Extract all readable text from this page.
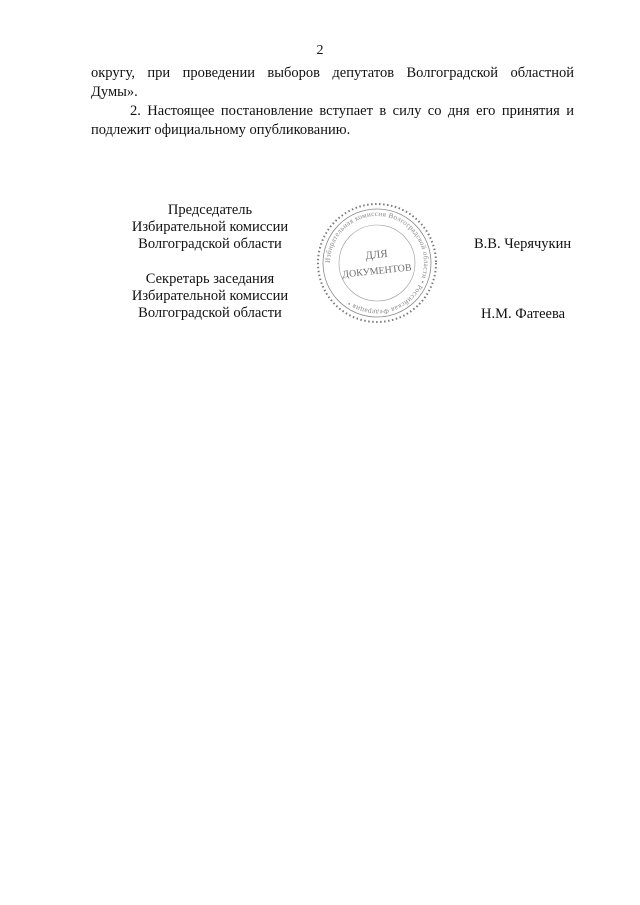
2

округу, при проведении выборов депутатов Волгоградской областной

Думы».

2. Настоящее постановление вступает в силу со дня его принятия и подлежит официальному опубликованию.

Председатель
Избирательной комиссии
Волгоградской области	В.В. Черячукин
Секретарь заседания
Избирательной комиссии
Волгоградской области	Н.М. Фатеева
Избирательная комиссия Волгоградской области • Российская Федерация •
ДЛЯ
ДОКУМЕНТОВ
